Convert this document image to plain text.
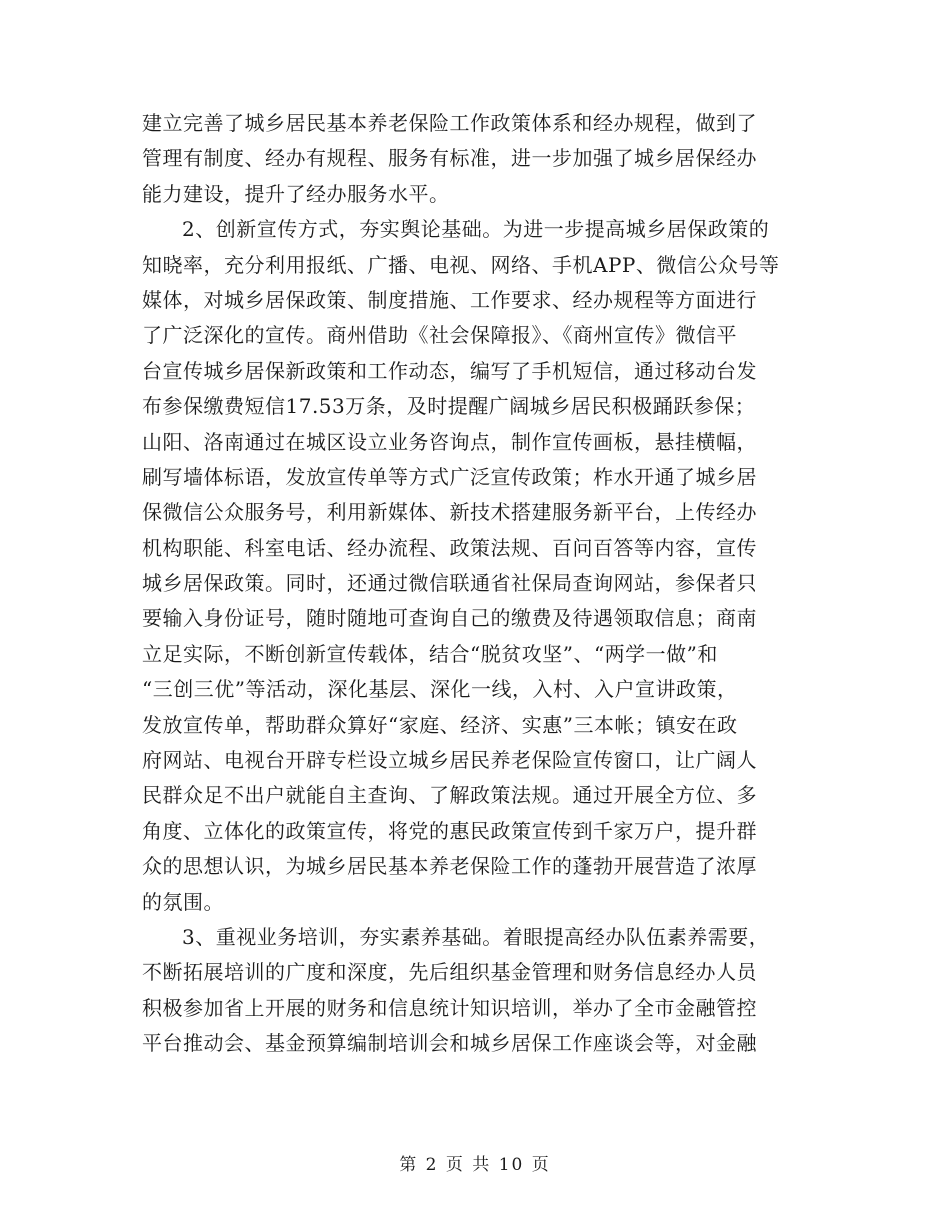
建立完善了城乡居民基本养老保险工作政策体系和经办规程，做到了
管理有制度、经办有规程、服务有标准，进一步加强了城乡居保经办
能力建设，提升了经办服务水平。
2、创新宣传方式，夯实舆论基础。为进一步提高城乡居保政策的
知晓率，充分利用报纸、广播、电视、网络、手机APP、微信公众号等
媒体，对城乡居保政策、制度措施、工作要求、经办规程等方面进行
了广泛深化的宣传。商州借助《社会保障报》、《商州宣传》微信平
台宣传城乡居保新政策和工作动态，编写了手机短信，通过移动台发
布参保缴费短信17.53万条，及时提醒广阔城乡居民积极踊跃参保；
山阳、洛南通过在城区设立业务咨询点，制作宣传画板，悬挂横幅，
刷写墙体标语，发放宣传单等方式广泛宣传政策；柞水开通了城乡居
保微信公众服务号，利用新媒体、新技术搭建服务新平台，上传经办
机构职能、科室电话、经办流程、政策法规、百问百答等内容，宣传
城乡居保政策。同时，还通过微信联通省社保局查询网站，参保者只
要输入身份证号，随时随地可查询自己的缴费及待遇领取信息；商南
立足实际，不断创新宣传载体，结合“脱贫攻坚”、“两学一做”和
“三创三优”等活动，深化基层、深化一线，入村、入户宣讲政策，
发放宣传单，帮助群众算好“家庭、经济、实惠”三本帐；镇安在政
府网站、电视台开辟专栏设立城乡居民养老保险宣传窗口，让广阔人
民群众足不出户就能自主查询、了解政策法规。通过开展全方位、多
角度、立体化的政策宣传，将党的惠民政策宣传到千家万户，提升群
众的思想认识，为城乡居民基本养老保险工作的蓬勃开展营造了浓厚
的氛围。
3、重视业务培训，夯实素养基础。着眼提高经办队伍素养需要，
不断拓展培训的广度和深度，先后组织基金管理和财务信息经办人员
积极参加省上开展的财务和信息统计知识培训，举办了全市金融管控
平台推动会、基金预算编制培训会和城乡居保工作座谈会等，对金融
第 2 页 共 10 页
